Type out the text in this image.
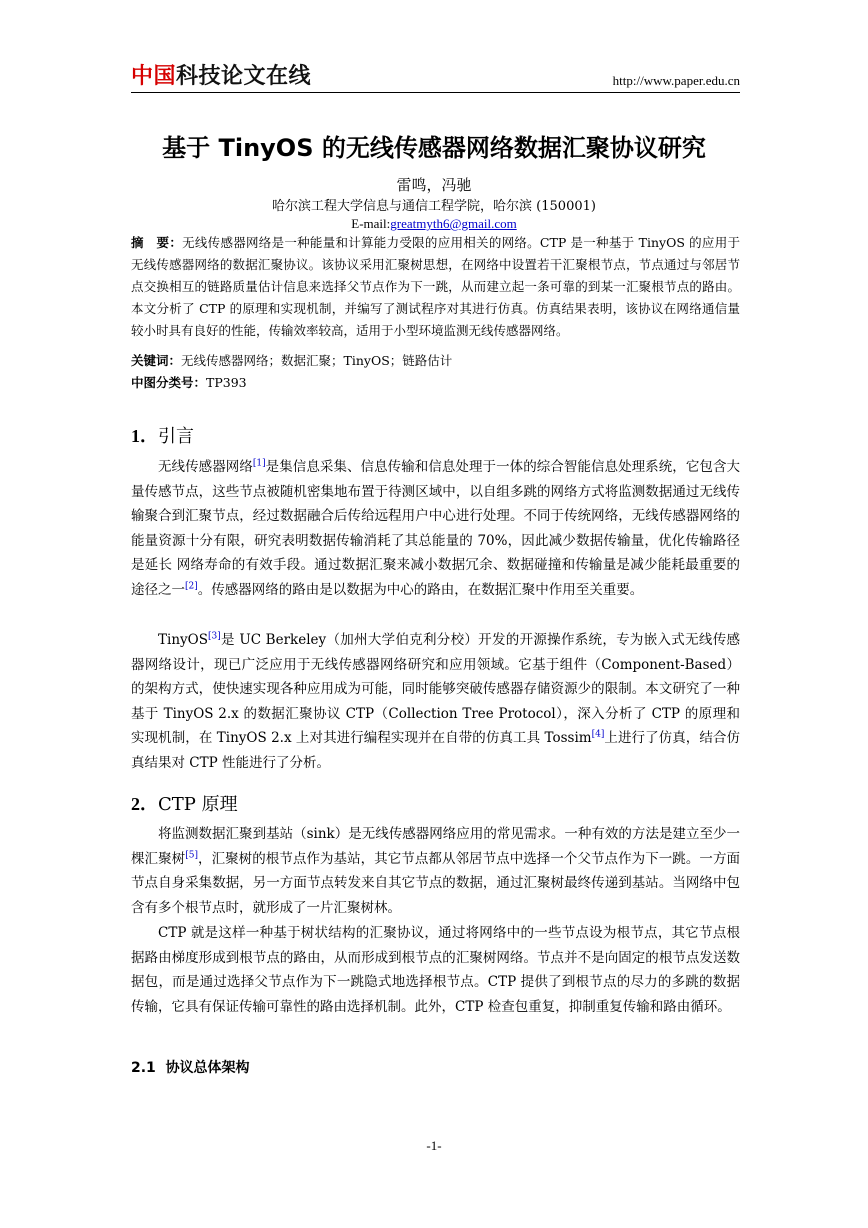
中国科技论文在线	http://www.paper.edu.cn
基于 TinyOS 的无线传感器网络数据汇聚协议研究
雷鸣，冯驰
哈尔滨工程大学信息与通信工程学院，哈尔滨 (150001)
E-mail:greatmyth6@gmail.com
摘　要：无线传感器网络是一种能量和计算能力受限的应用相关的网络。CTP 是一种基于 TinyOS 的应用于无线传感器网络的数据汇聚协议。该协议采用汇聚树思想，在网络中设置若干汇聚根节点，节点通过与邻居节点交换相互的链路质量估计信息来选择父节点作为下一跳，从而建立起一条可靠的到某一汇聚根节点的路由。本文分析了 CTP 的原理和实现机制，并编写了测试程序对其进行仿真。仿真结果表明，该协议在网络通信量较小时具有良好的性能，传输效率较高，适用于小型环境监测无线传感器网络。
关键词：无线传感器网络；数据汇聚；TinyOS；链路估计
中图分类号：TP393
1．引言
无线传感器网络[1]是集信息采集、信息传输和信息处理于一体的综合智能信息处理系统，它包含大量传感节点，这些节点被随机密集地布置于待测区域中，以自组多跳的网络方式将监测数据通过无线传输聚合到汇聚节点，经过数据融合后传给远程用户中心进行处理。不同于传统网络，无线传感器网络的能量资源十分有限，研究表明数据传输消耗了其总能量的 70%，因此减少数据传输量，优化传输路径是延长 网络寿命的有效手段。通过数据汇聚来减小数据冗余、数据碰撞和传输量是减少能耗最重要的途径之一[2]。传感器网络的路由是以数据为中心的路由，在数据汇聚中作用至关重要。
TinyOS[3]是 UC Berkeley（加州大学伯克利分校）开发的开源操作系统，专为嵌入式无线传感器网络设计，现已广泛应用于无线传感器网络研究和应用领域。它基于组件（Component-Based）的架构方式，使快速实现各种应用成为可能，同时能够突破传感器存储资源少的限制。本文研究了一种基于 TinyOS 2.x 的数据汇聚协议 CTP（Collection Tree Protocol），深入分析了 CTP 的原理和实现机制，在 TinyOS 2.x 上对其进行编程实现并在自带的仿真工具 Tossim[4]上进行了仿真，结合仿真结果对 CTP 性能进行了分析。
2．CTP 原理
将监测数据汇聚到基站（sink）是无线传感器网络应用的常见需求。一种有效的方法是建立至少一棵汇聚树[5]，汇聚树的根节点作为基站，其它节点都从邻居节点中选择一个父节点作为下一跳。一方面节点自身采集数据，另一方面节点转发来自其它节点的数据，通过汇聚树最终传递到基站。当网络中包含有多个根节点时，就形成了一片汇聚树林。
CTP 就是这样一种基于树状结构的汇聚协议，通过将网络中的一些节点设为根节点，其它节点根据路由梯度形成到根节点的路由，从而形成到根节点的汇聚树网络。节点并不是向固定的根节点发送数据包，而是通过选择父节点作为下一跳隐式地选择根节点。CTP 提供了到根节点的尽力的多跳的数据传输，它具有保证传输可靠性的路由选择机制。此外，CTP 检查包重复，抑制重复传输和路由循环。
2.1 协议总体架构
-1-
